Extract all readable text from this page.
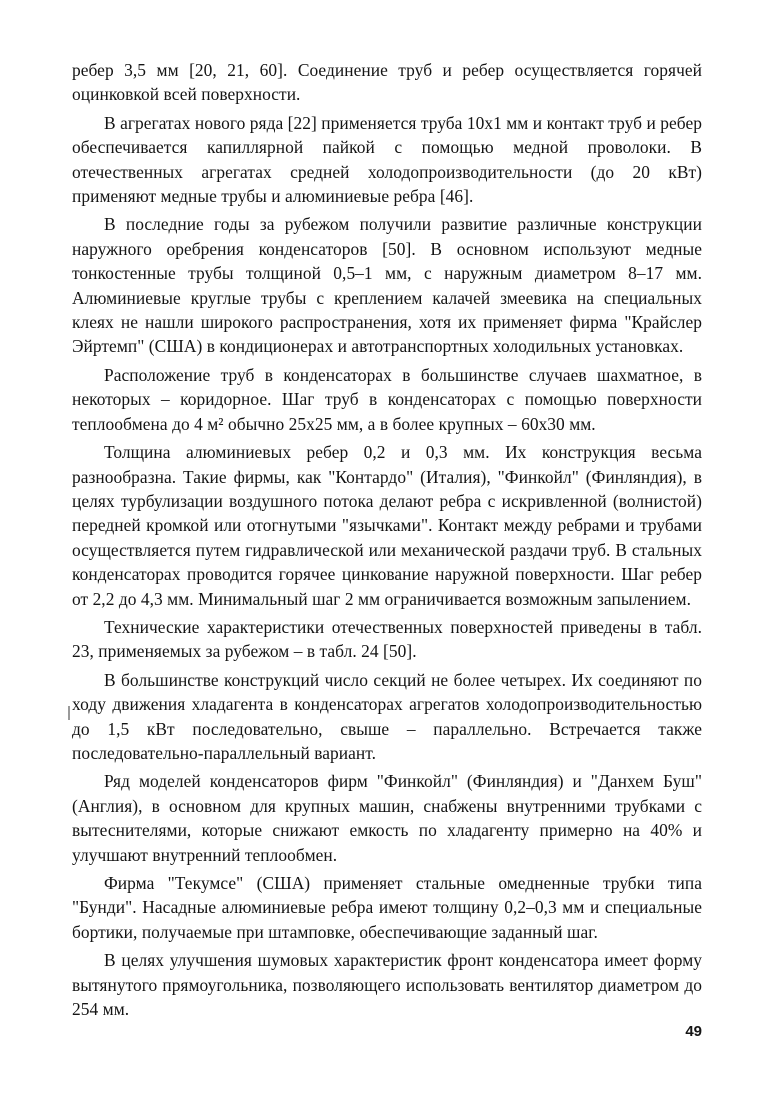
ребер 3,5 мм [20, 21, 60]. Соединение труб и ребер осуществляется горячей оцинковкой всей поверхности.

В агрегатах нового ряда [22] применяется труба 10x1 мм и контакт труб и ребер обеспечивается капиллярной пайкой с помощью медной проволоки. В отечественных агрегатах средней холодопроизводительности (до 20 кВт) применяют медные трубы и алюминиевые ребра [46].

В последние годы за рубежом получили развитие различные конструкции наружного оребрения конденсаторов [50]. В основном используют медные тонкостенные трубы толщиной 0,5–1 мм, с наружным диаметром 8–17 мм. Алюминиевые круглые трубы с креплением калачей змеевика на специальных клеях не нашли широкого распространения, хотя их применяет фирма "Крайслер Эйртемп" (США) в кондиционерах и автотранспортных холодильных установках.

Расположение труб в конденсаторах в большинстве случаев шахматное, в некоторых – коридорное. Шаг труб в конденсаторах с помощью поверхности теплообмена до 4 м² обычно 25x25 мм, а в более крупных – 60x30 мм.

Толщина алюминиевых ребер 0,2 и 0,3 мм. Их конструкция весьма разнообразна. Такие фирмы, как "Контардо" (Италия), "Финкойл" (Финляндия), в целях турбулизации воздушного потока делают ребра с искривленной (волнистой) передней кромкой или отогнутыми "язычками". Контакт между ребрами и трубами осуществляется путем гидравлической или механической раздачи труб. В стальных конденсаторах проводится горячее цинкование наружной поверхности. Шаг ребер от 2,2 до 4,3 мм. Минимальный шаг 2 мм ограничивается возможным запылением.

Технические характеристики отечественных поверхностей приведены в табл. 23, применяемых за рубежом – в табл. 24 [50].

В большинстве конструкций число секций не более четырех. Их соединяют по ходу движения хладагента в конденсаторах агрегатов холодопроизводительностью до 1,5 кВт последовательно, свыше – параллельно. Встречается также последовательно-параллельный вариант.

Ряд моделей конденсаторов фирм "Финкойл" (Финляндия) и "Данхем Буш" (Англия), в основном для крупных машин, снабжены внутренними трубками с вытеснителями, которые снижают емкость по хладагенту примерно на 40% и улучшают внутренний теплообмен.

Фирма "Текумсе" (США) применяет стальные омедненные трубки типа "Бунди". Насадные алюминиевые ребра имеют толщину 0,2–0,3 мм и специальные бортики, получаемые при штамповке, обеспечивающие заданный шаг.

В целях улучшения шумовых характеристик фронт конденсатора имеет форму вытянутого прямоугольника, позволяющего использовать вентилятор диаметром до 254 мм.

49
